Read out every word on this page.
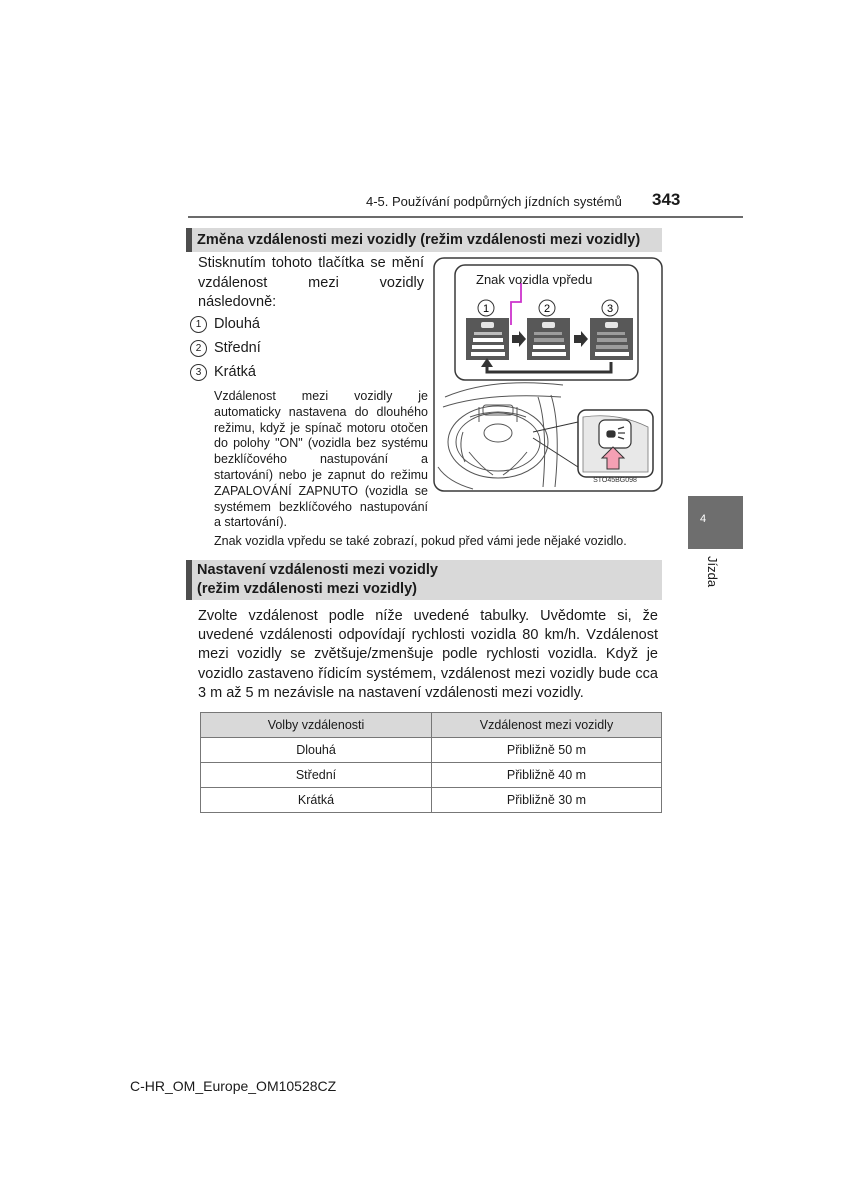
4-5. Používání podpůrných jízdních systémů 343
4
Jízda
Změna vzdálenosti mezi vozidly (režim vzdálenosti mezi vozidly)
Stisknutím tohoto tlačítka se mění vzdálenost mezi vozidly následovně:
1 Dlouhá
2 Střední
3 Krátká
Vzdálenost mezi vozidly je automaticky nastavena do dlouhého režimu, když je spínač motoru otočen do polohy "ON" (vozidla bez systému bezklíčového nastupování a startování) nebo je zapnut do režimu ZAPALOVÁNÍ ZAPNUTO (vozidla se systémem bezklíčového nastupování a startování).
Znak vozidla vpředu se také zobrazí, pokud před vámi jede nějaké vozidlo.
1	2	3
STO45BG098
Znak vozidla vpředu
Nastavení vzdálenosti mezi vozidly
(režim vzdálenosti mezi vozidly)
Zvolte vzdálenost podle níže uvedené tabulky. Uvědomte si, že uvedené vzdálenosti odpovídají rychlosti vozidla 80 km/h. Vzdálenost mezi vozidly se zvětšuje/zmenšuje podle rychlosti vozidla. Když je vozidlo zastaveno řídicím systémem, vzdálenost mezi vozidly bude cca 3 m až 5 m nezávisle na nastavení vzdálenosti mezi vozidly.
Volby vzdálenosti	Vzdálenost mezi vozidly
Dlouhá	Přibližně 50 m
Střední	Přibližně 40 m
Krátká	Přibližně 30 m
C-HR_OM_Europe_OM10528CZ
